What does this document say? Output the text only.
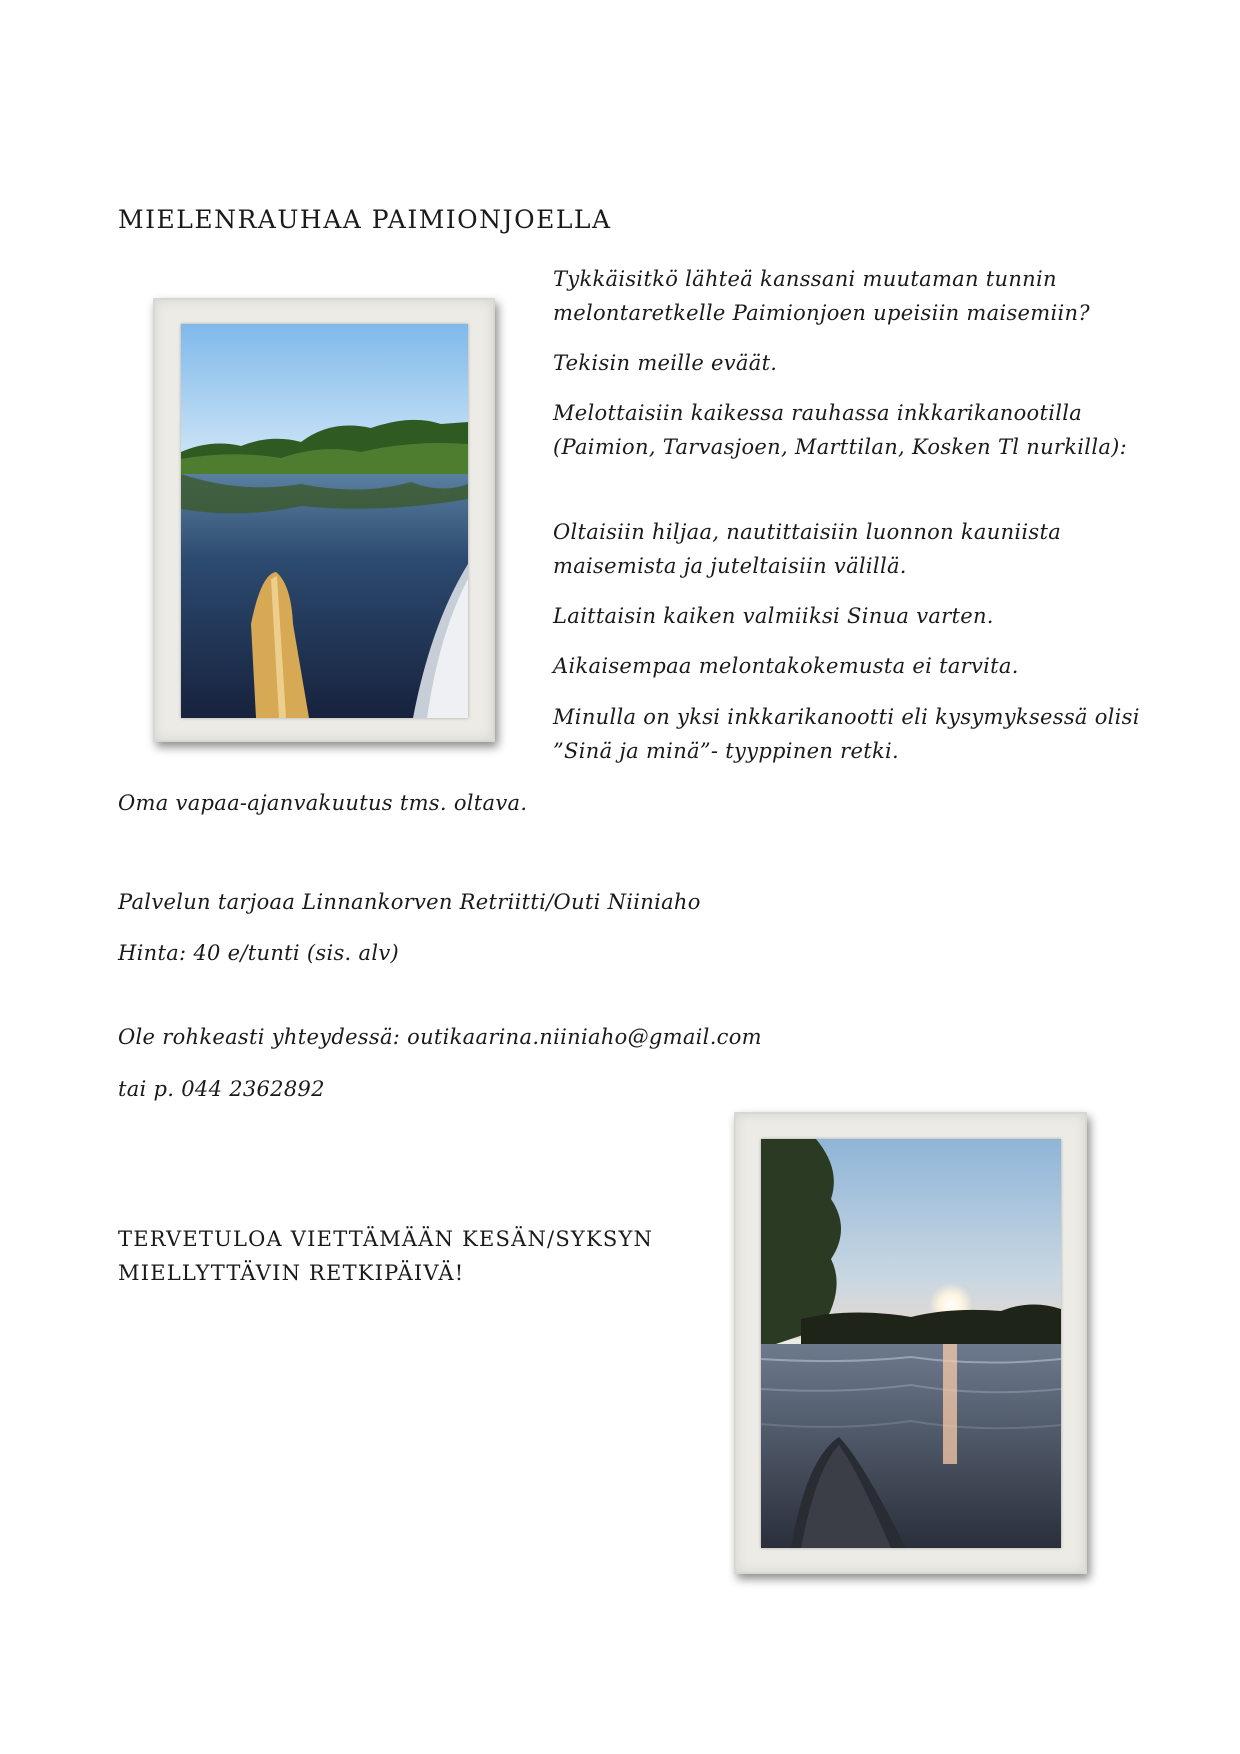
MIELENRAUHAA PAIMIONJOELLA
Tykkäisitkö lähteä kanssani muutaman tunnin melontaretkelle Paimionjoen upeisiin maisemiin?
Tekisin meille eväät.
Melottaisiin kaikessa rauhassa inkkarikanootilla (Paimion, Tarvasjoen, Marttilan, Kosken Tl nurkilla):
Oltaisiin hiljaa, nautittaisiin luonnon kauniista maisemista ja juteltaisiin välillä.
Laittaisin kaiken valmiiksi Sinua varten.
Aikaisempaa melontakokemusta ei tarvita.
Minulla on yksi inkkarikanootti eli kysymyksessä olisi ”Sinä ja minä”- tyyppinen retki.
Oma vapaa-ajanvakuutus tms. oltava.
Palvelun tarjoaa Linnankorven Retriitti/Outi Niiniaho
Hinta: 40 e/tunti (sis. alv)
Ole rohkeasti yhteydessä: outikaarina.niiniaho@gmail.com
tai p. 044 2362892
TERVETULOA VIETTÄMÄÄN KESÄN/SYKSYN
MIELLYTTÄVIN RETKIPÄIVÄ!
